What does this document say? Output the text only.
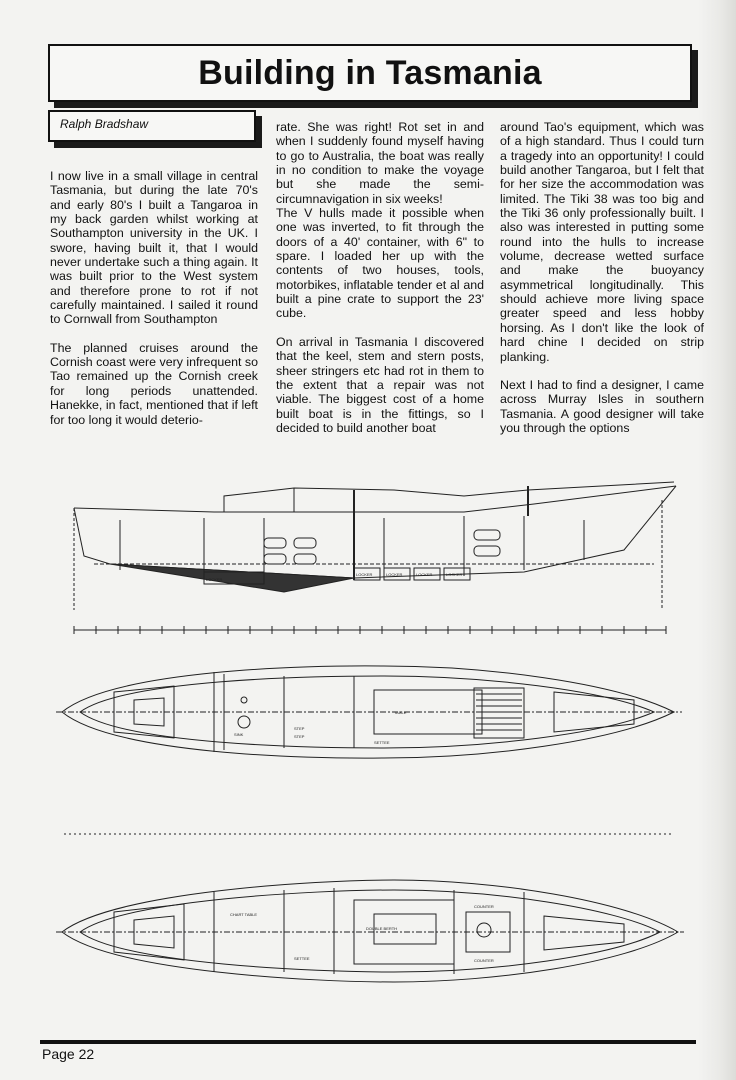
Building in Tasmania
Ralph Bradshaw

I now live in a small village in central Tasmania, but during the late 70's and early 80's I built a Tangaroa in my back garden whilst working at Southampton university in the UK. I swore, having built it, that I would never undertake such a thing again. It was built prior to the West system and therefore prone to rot if not carefully maintained. I sailed it round to Cornwall from Southampton

The planned cruises around the Cornish coast were very infrequent so Tao remained up the Cornish creek for long periods unattended. Hanekke, in fact, mentioned that if left for too long it would deterio-

rate. She was right! Rot set in and when I suddenly found myself having to go to Australia, the boat was really in no condition to make the voyage but she made the semi-circumnavigation in six weeks!

The V hulls made it possible when one was inverted, to fit through the doors of a 40' container, with 6" to spare. I loaded her up with the contents of two houses, tools, motorbikes, inflatable tender et al and built a pine crate to support the 23' cube.

On arrival in Tasmania I discovered that the keel, stem and stern posts, sheer stringers etc had rot in them to the extent that a repair was not viable. The biggest cost of a home built boat is in the fittings, so I decided to build another boat

around Tao's equipment, which was of a high standard. Thus I could turn a tragedy into an opportunity! I could build another Tangaroa, but I felt that for her size the accommodation was limited. The Tiki 38 was too big and the Tiki 36 only professionally built. I also was interested in putting some round into the hulls to increase volume, decrease wetted surface and make the buoyancy asymmetrical longitudinally. This should achieve more living space greater speed and less hobby horsing. As I don't like the look of hard chine I decided on strip planking.

Next I had to find a designer, I came across Murray Isles in southern Tasmania. A good designer will take you through the options

LOCKER
LOCKER	LOCKER	LOCKER	LOCKER
TABLE
SINK
STEP
STEP
SETTEE
DOUBLE BERTH
CHART TABLE
SETTEE
COUNTER
COUNTER
Page 22
